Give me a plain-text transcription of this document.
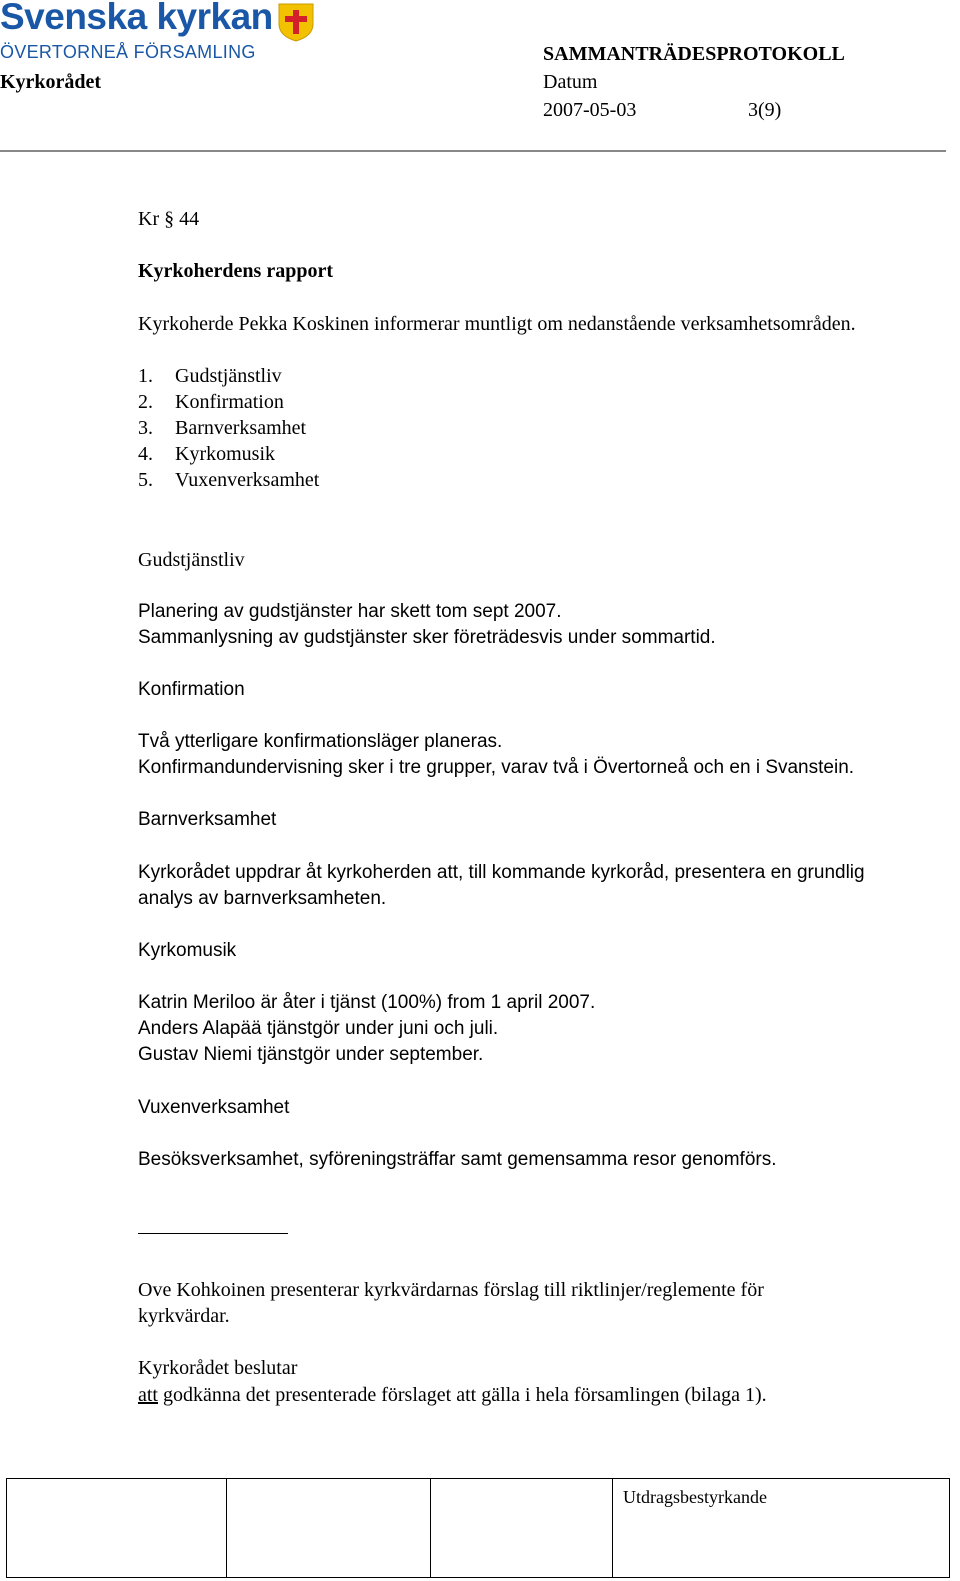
Svenska kyrkan
ÖVERTORNEÅ FÖRSAMLING
Kyrkorådet
SAMMANTRÄDESPROTOKOLL
Datum
2007-05-03	3(9)
Kr § 44
Kyrkoherdens rapport
Kyrkoherde Pekka Koskinen informerar muntligt om nedanstående verksamhetsområden.
1. Gudstjänstliv
2. Konfirmation
3. Barnverksamhet
4. Kyrkomusik
5. Vuxenverksamhet
Gudstjänstliv
Planering av gudstjänster har skett tom sept 2007.
Sammanlysning av gudstjänster sker företrädesvis under sommartid.
Konfirmation
Två ytterligare konfirmationsläger planeras.
Konfirmandundervisning sker i tre grupper, varav två i Övertorneå och en i Svanstein.
Barnverksamhet
Kyrkorådet uppdrar åt kyrkoherden att, till kommande kyrkoråd, presentera en grundlig
analys av barnverksamheten.
Kyrkomusik
Katrin Meriloo är åter i tjänst (100%) from 1 april 2007.
Anders Alapää tjänstgör under juni och juli.
Gustav Niemi tjänstgör under september.
Vuxenverksamhet
Besöksverksamhet, syföreningsträffar samt gemensamma resor genomförs.
Ove Kohkoinen presenterar kyrkvärdarnas förslag till riktlinjer/reglemente för
kyrkvärdar.
Kyrkorådet beslutar
att godkänna det presenterade förslaget att gälla i hela församlingen (bilaga 1).

Utdragsbestyrkande
